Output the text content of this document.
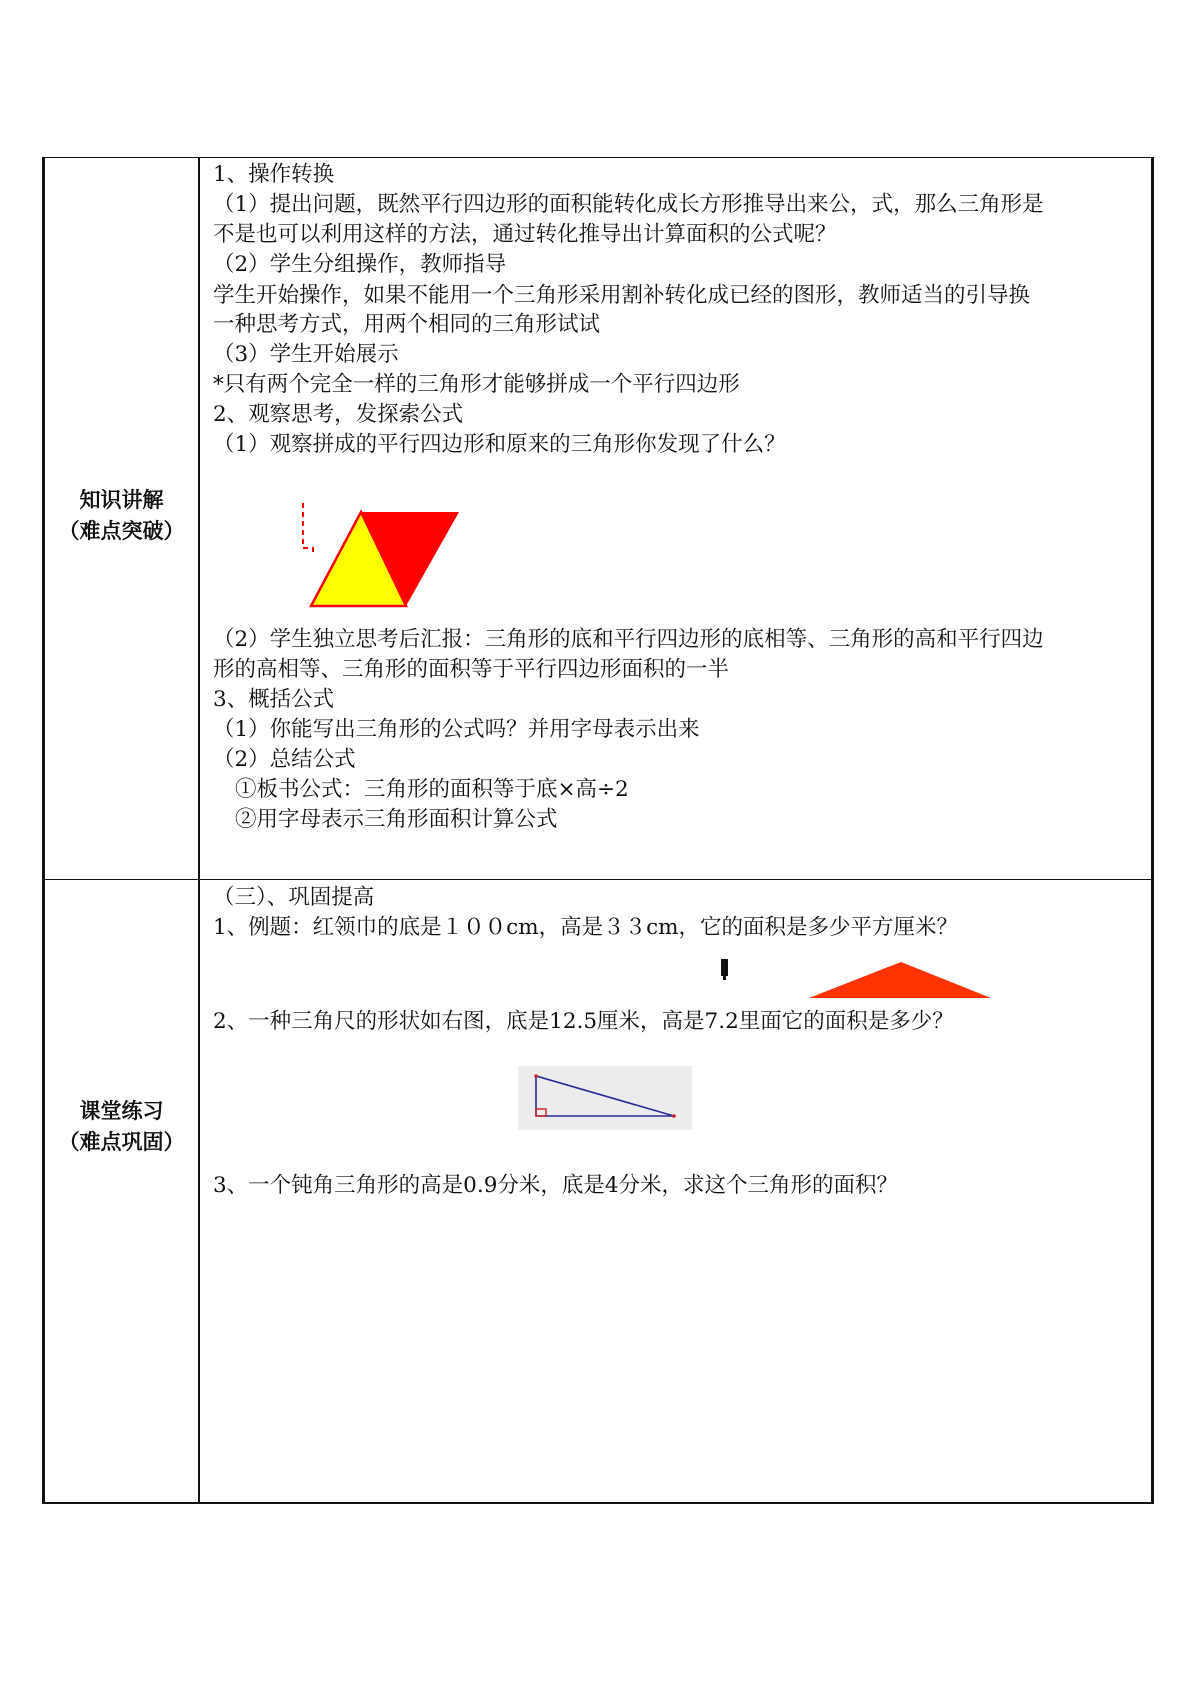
知识讲解
（难点突破）
课堂练习
（难点巩固）
1、操作转换
（1）提出问题，既然平行四边形的面积能转化成长方形推导出来公，式，那么三角形是
不是也可以利用这样的方法，通过转化推导出计算面积的公式呢？
（2）学生分组操作，教师指导
学生开始操作，如果不能用一个三角形采用割补转化成已经的图形，教师适当的引导换
一种思考方式，用两个相同的三角形试试
（3）学生开始展示
*只有两个完全一样的三角形才能够拼成一个平行四边形
2、观察思考，发探索公式
（1）观察拼成的平行四边形和原来的三角形你发现了什么？
（2）学生独立思考后汇报：三角形的底和平行四边形的底相等、三角形的高和平行四边
形的高相等、三角形的面积等于平行四边形面积的一半
3、概括公式
（1）你能写出三角形的公式吗？并用字母表示出来
（2）总结公式
①板书公式：三角形的面积等于底×高÷2
②用字母表示三角形面积计算公式
（三）、巩固提高
1、例题：红领巾的底是１００cm，高是３３cm，它的面积是多少平方厘米？
2、一种三角尺的形状如右图，底是12.5厘米，高是7.2里面它的面积是多少？
3、一个钝角三角形的高是0.9分米，底是4分米，求这个三角形的面积？
